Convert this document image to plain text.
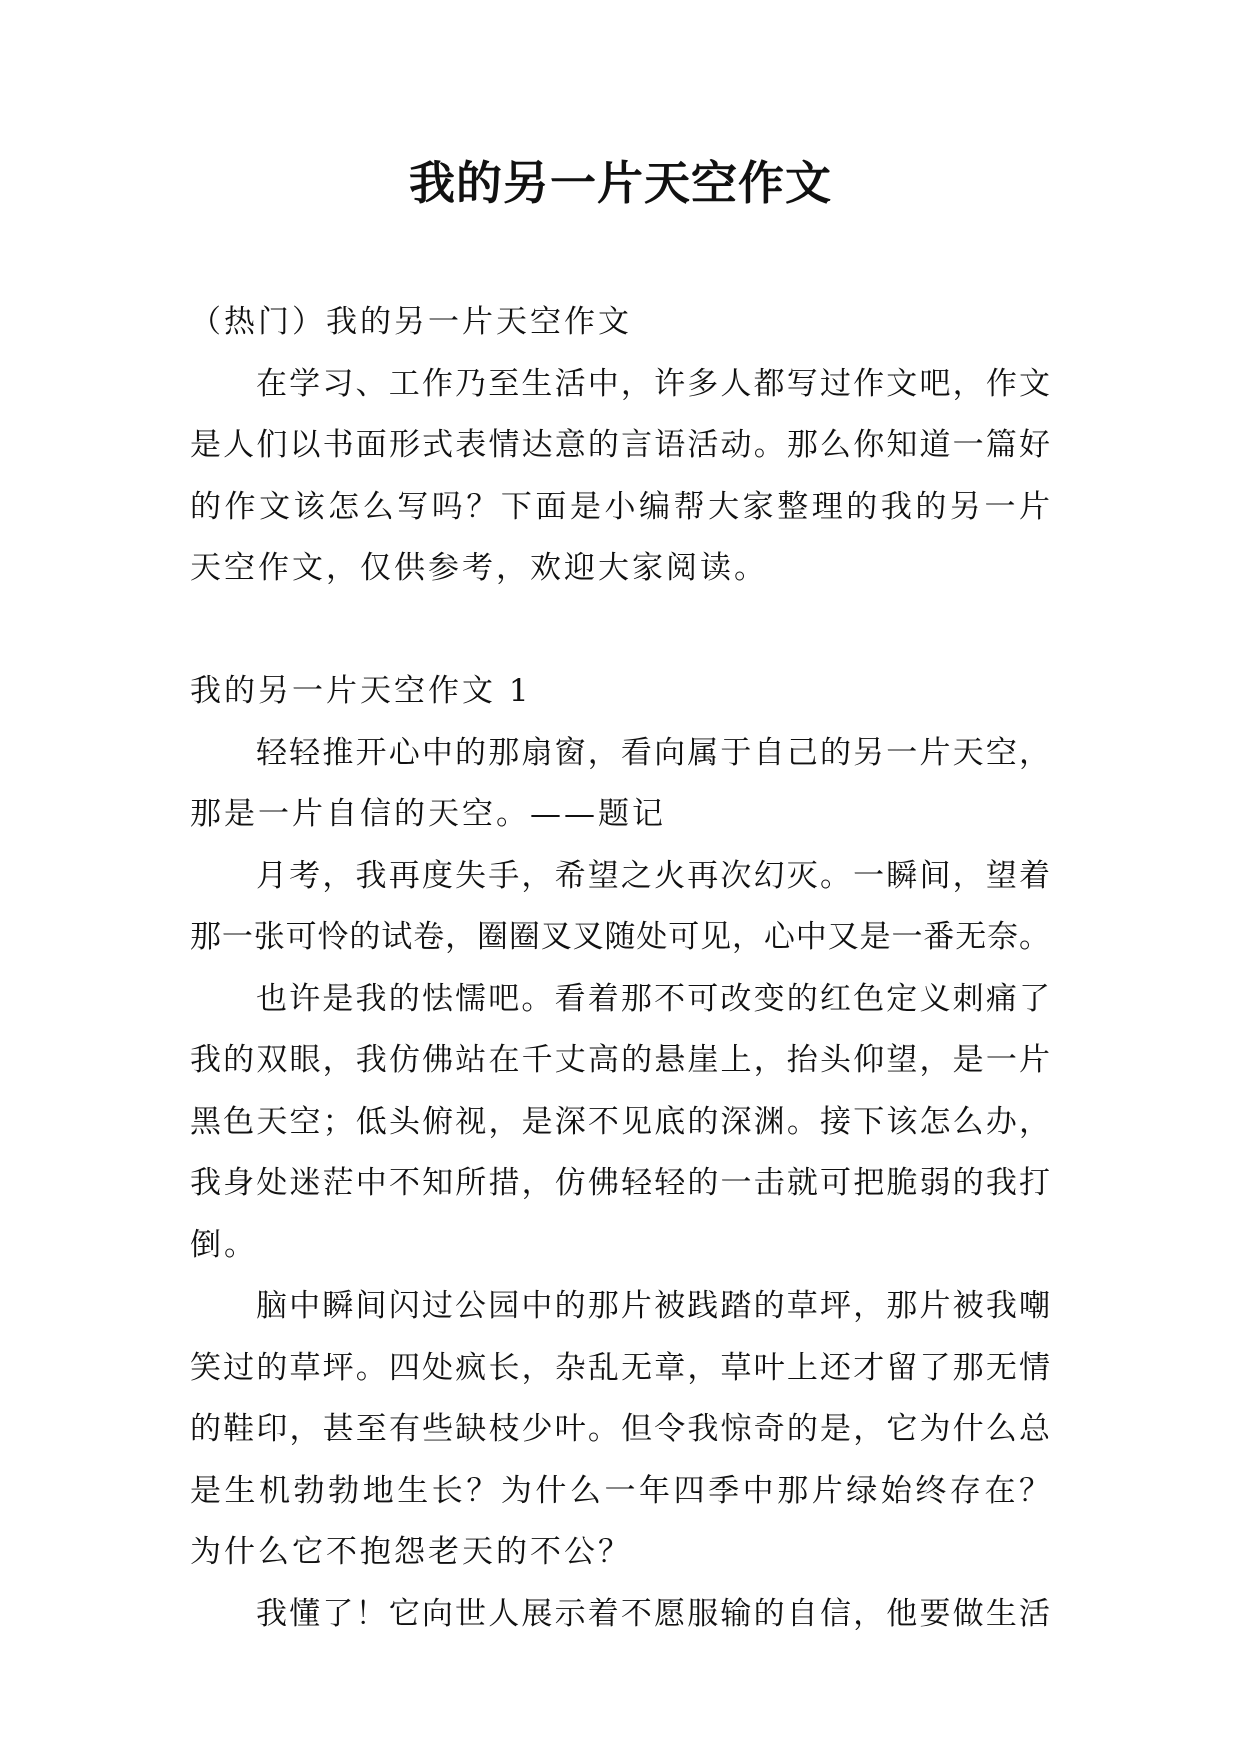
我的另一片天空作文

（热门）我的另一片天空作文

在学习、工作乃至生活中，许多人都写过作文吧，作文

是人们以书面形式表情达意的言语活动。那么你知道一篇好

的作文该怎么写吗？下面是小编帮大家整理的我的另一片

天空作文，仅供参考，欢迎大家阅读。

我的另一片天空作文 1

轻轻推开心中的那扇窗，看向属于自己的另一片天空，

那是一片自信的天空。——题记

月考，我再度失手，希望之火再次幻灭。一瞬间，望着

那一张可怜的试卷，圈圈叉叉随处可见，心中又是一番无奈。

也许是我的怯懦吧。看着那不可改变的红色定义刺痛了

我的双眼，我仿佛站在千丈高的悬崖上，抬头仰望，是一片

黑色天空；低头俯视，是深不见底的深渊。接下该怎么办，

我身处迷茫中不知所措，仿佛轻轻的一击就可把脆弱的我打

倒。

脑中瞬间闪过公园中的那片被践踏的草坪，那片被我嘲

笑过的草坪。四处疯长，杂乱无章，草叶上还才留了那无情

的鞋印，甚至有些缺枝少叶。但令我惊奇的是，它为什么总

是生机勃勃地生长？为什么一年四季中那片绿始终存在？

为什么它不抱怨老天的不公？

我懂了！它向世人展示着不愿服输的自信，他要做生活
